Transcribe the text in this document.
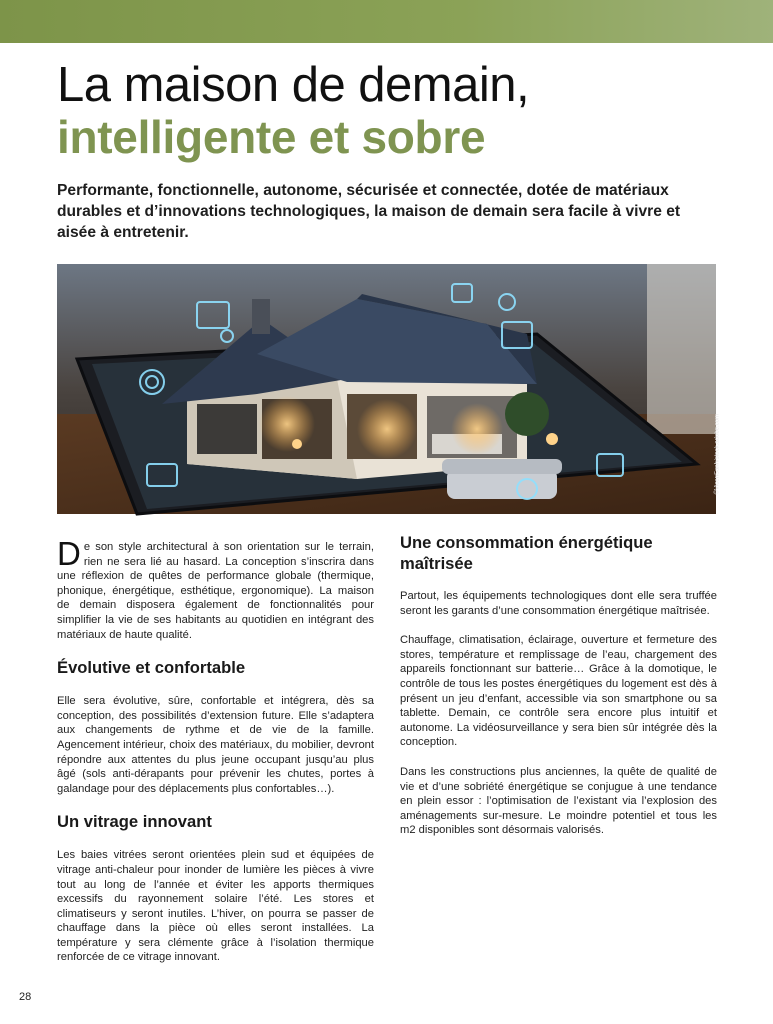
La maison de demain,
intelligente et sobre

Performante, fonctionnelle, autonome, sécurisée et connectée, dotée de matériaux durables et d’innovations technologiques, la maison de demain sera facile à vivre et aisée à entretenir.

©VicenSanh/stock.adobe.com

De son style architectural à son orientation sur le terrain, rien ne sera lié au hasard. La conception s’inscrira dans une réflexion de quêtes de performance globale (thermique, phonique, énergétique, esthétique, ergonomique). La maison de demain disposera également de fonctionnalités pour simplifier la vie de ses habitants au quotidien en intégrant des matériaux de haute qualité.

Évolutive et confortable

Elle sera évolutive, sûre, confortable et intégrera, dès sa conception, des possibilités d’extension future. Elle s’adaptera aux changements de rythme et de vie de la famille. Agencement intérieur, choix des matériaux, du mobilier, devront répondre aux attentes du plus jeune occupant jusqu’au plus âgé (sols anti-dérapants pour prévenir les chutes, portes à galandage pour des déplacements plus confortables…).

Un vitrage innovant

Les baies vitrées seront orientées plein sud et équipées de vitrage anti-chaleur pour inonder de lumière les pièces à vivre tout au long de l’année et éviter les apports thermiques excessifs du rayonnement solaire l’été. Les stores et climatiseurs y seront inutiles. L’hiver, on pourra se passer de chauffage dans la pièce où elles seront installées. La température y sera clémente grâce à l’isolation thermique renforcée de ce vitrage innovant.

Une consommation énergétique maîtrisée

Partout, les équipements technologiques dont elle sera truffée seront les garants d’une consommation énergétique maîtrisée.

Chauffage, climatisation, éclairage, ouverture et fermeture des stores, température et remplissage de l’eau, chargement des appareils fonctionnant sur batterie… Grâce à la domotique, le contrôle de tous les postes énergétiques du logement est dès à présent un jeu d’enfant, accessible via son smartphone ou sa tablette. Demain, ce contrôle sera encore plus intuitif et autonome. La vidéosurveillance y sera bien sûr intégrée dès la conception.

Dans les constructions plus anciennes, la quête de qualité de vie et d’une sobriété énergétique se conjugue à une tendance en plein essor : l’optimisation de l’existant via l’explosion des aménagements sur-mesure. Le moindre potentiel et tous les m2 disponibles sont désormais valorisés.

28
